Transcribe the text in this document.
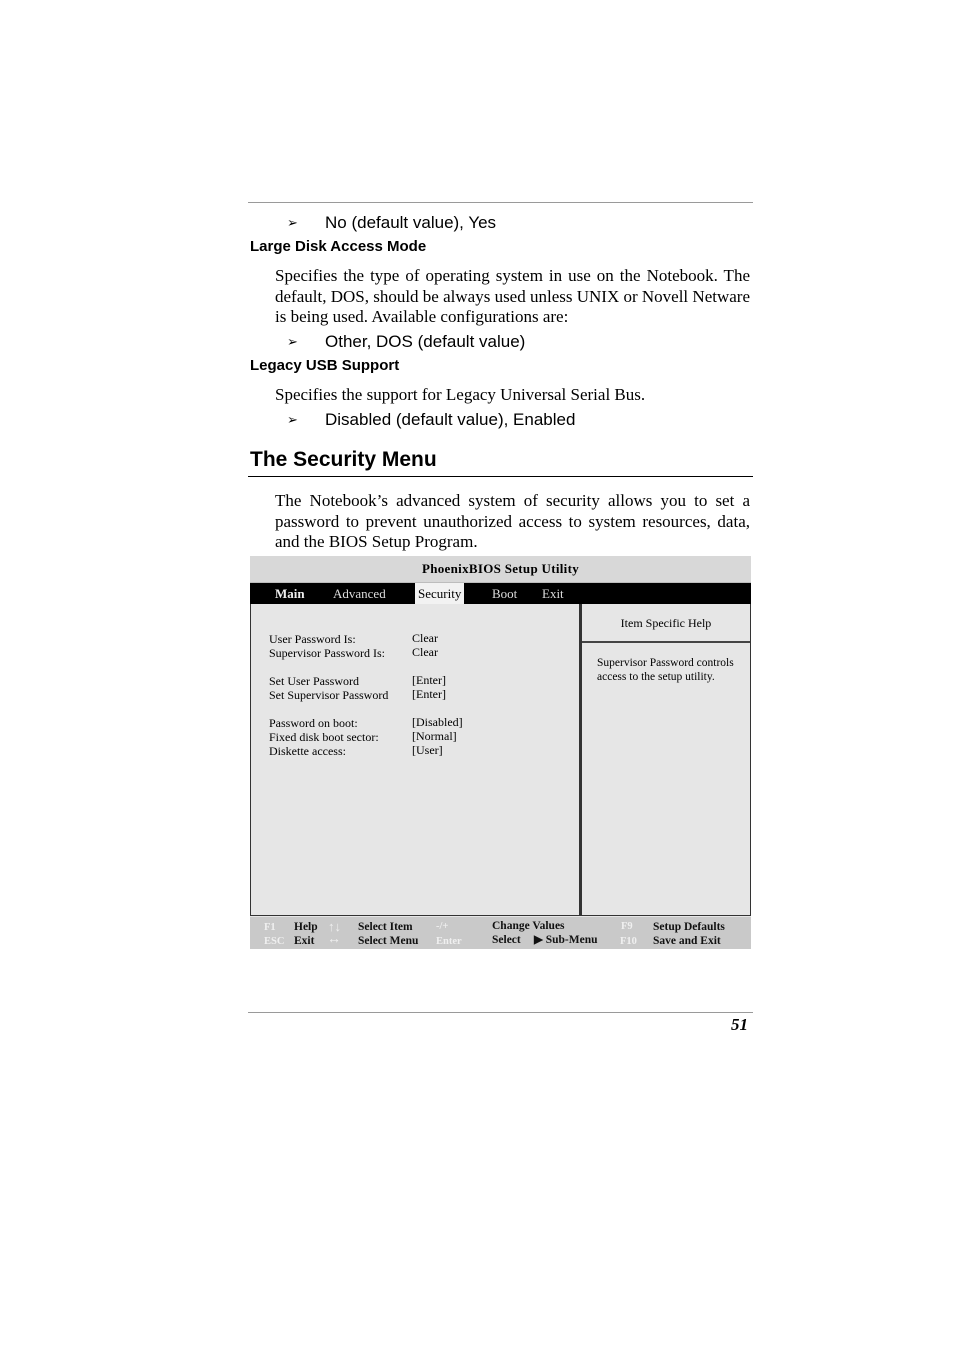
➢ No (default value), Yes
Large Disk Access Mode
Specifies the type of operating system in use on the Notebook. The default, DOS, should be always used unless UNIX or Novell Netware is being used. Available configurations are:
➢ Other, DOS (default value)
Legacy USB Support
Specifies the support for Legacy Universal Serial Bus.
➢ Disabled (default value), Enabled
The Security Menu
The Notebook’s advanced system of security allows you to set a password to prevent unauthorized access to system resources, data, and the BIOS Setup Program.
PhoenixBIOS Setup Utility
Main Advanced Security Boot Exit
User Password Is:	Clear
Supervisor Password Is: Clear
Set User Password	[Enter]
Set Supervisor Password [Enter]
Password on boot:	[Disabled]
Fixed disk boot sector:	[Normal]
Diskette access:	[User]
Item Specific Help
Supervisor Password controls access to the setup utility.
F1 Help ↑↓ Select Item -/+	Change Values	F9 Setup Defaults
ESC Exit ↔ Select Menu Enter	Select ▶ Sub-Menu F10 Save and Exit
51
